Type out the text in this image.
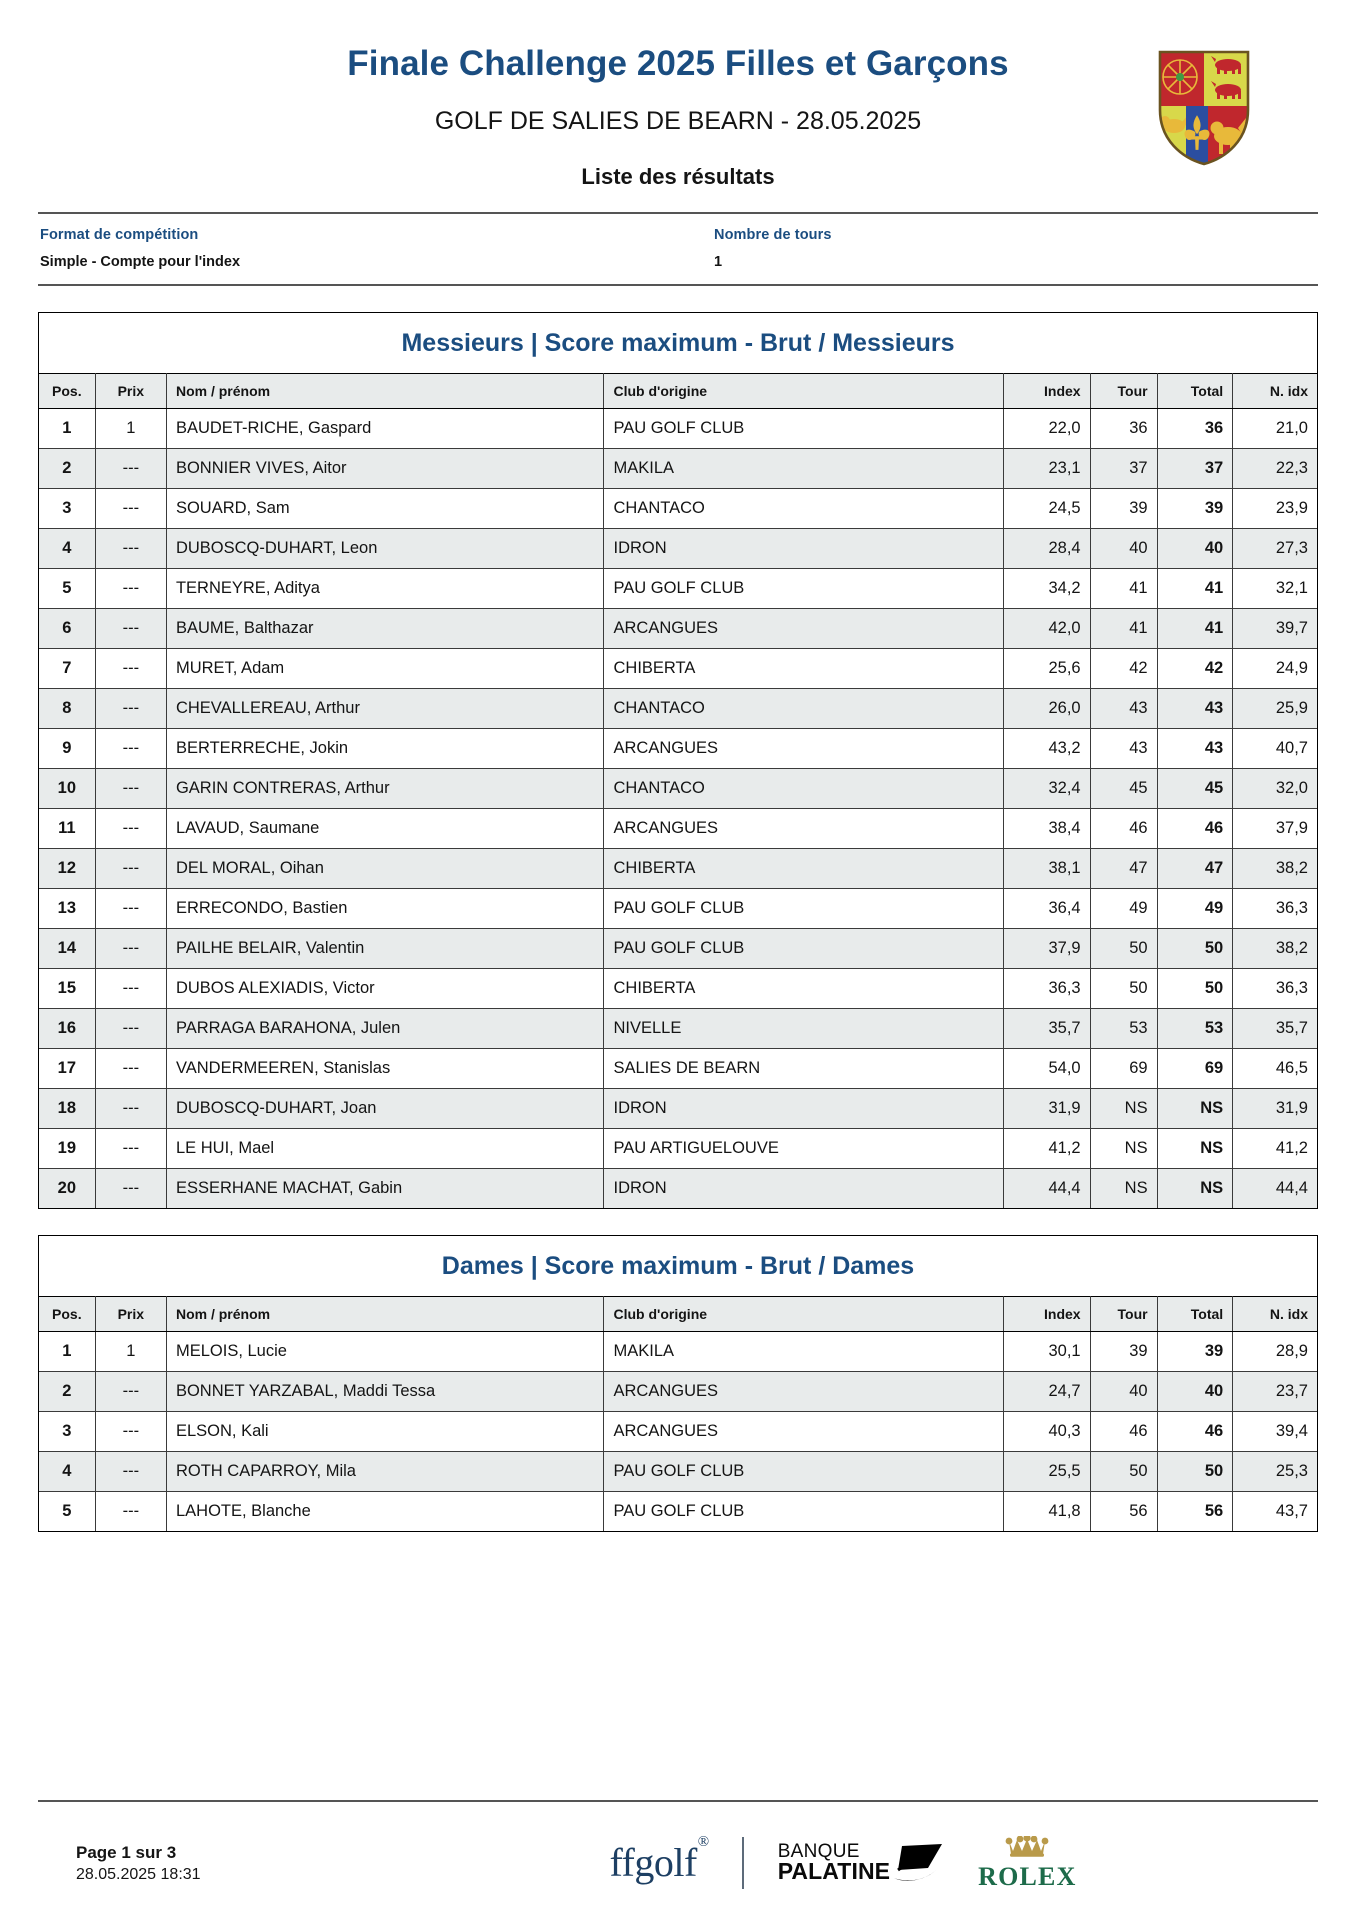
Finale Challenge 2025 Filles et Garçons
GOLF DE SALIES DE BEARN - 28.05.2025
Liste des résultats
Format de compétition
Simple - Compte pour l'index
Nombre de tours
1
Messieurs | Score maximum - Brut / Messieurs
Pos.	Prix	Nom / prénom	Club d'origine	Index	Tour	Total	N. idx
1	1	BAUDET-RICHE, Gaspard	PAU GOLF CLUB	22,0	36	36	21,0
2	---	BONNIER VIVES, Aitor	MAKILA	23,1	37	37	22,3
3	---	SOUARD, Sam	CHANTACO	24,5	39	39	23,9
4	---	DUBOSCQ-DUHART, Leon	IDRON	28,4	40	40	27,3
5	---	TERNEYRE, Aditya	PAU GOLF CLUB	34,2	41	41	32,1
6	---	BAUME, Balthazar	ARCANGUES	42,0	41	41	39,7
7	---	MURET, Adam	CHIBERTA	25,6	42	42	24,9
8	---	CHEVALLEREAU, Arthur	CHANTACO	26,0	43	43	25,9
9	---	BERTERRECHE, Jokin	ARCANGUES	43,2	43	43	40,7
10	---	GARIN CONTRERAS, Arthur	CHANTACO	32,4	45	45	32,0
11	---	LAVAUD, Saumane	ARCANGUES	38,4	46	46	37,9
12	---	DEL MORAL, Oihan	CHIBERTA	38,1	47	47	38,2
13	---	ERRECONDO, Bastien	PAU GOLF CLUB	36,4	49	49	36,3
14	---	PAILHE BELAIR, Valentin	PAU GOLF CLUB	37,9	50	50	38,2
15	---	DUBOS ALEXIADIS, Victor	CHIBERTA	36,3	50	50	36,3
16	---	PARRAGA BARAHONA, Julen	NIVELLE	35,7	53	53	35,7
17	---	VANDERMEEREN, Stanislas	SALIES DE BEARN	54,0	69	69	46,5
18	---	DUBOSCQ-DUHART, Joan	IDRON	31,9	NS	NS	31,9
19	---	LE HUI, Mael	PAU ARTIGUELOUVE	41,2	NS	NS	41,2
20	---	ESSERHANE MACHAT, Gabin	IDRON	44,4	NS	NS	44,4
Dames | Score maximum - Brut / Dames
Pos.	Prix	Nom / prénom	Club d'origine	Index	Tour	Total	N. idx
1	1	MELOIS, Lucie	MAKILA	30,1	39	39	28,9
2	---	BONNET YARZABAL, Maddi Tessa	ARCANGUES	24,7	40	40	23,7
3	---	ELSON, Kali	ARCANGUES	40,3	46	46	39,4
4	---	ROTH CAPARROY, Mila	PAU GOLF CLUB	25,5	50	50	25,3
5	---	LAHOTE, Blanche	PAU GOLF CLUB	41,8	56	56	43,7
Page 1 sur 3
28.05.2025 18:31	ffgolf®	BANQUE
PALATINE	ROLEX
